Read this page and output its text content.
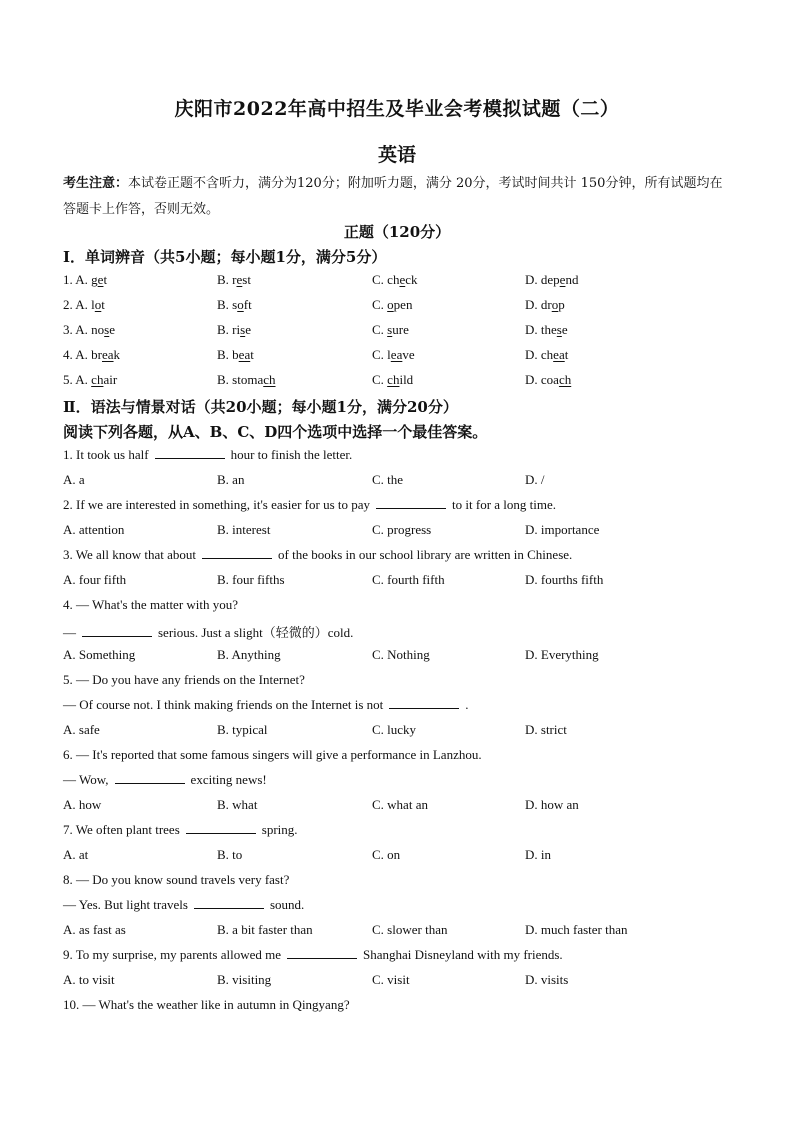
庆阳市2022年高中招生及毕业会考模拟试题（二）
英语
考生注意：本试卷正题不含听力，满分为120分；附加听力题，满分 20分，考试时间共计 150分钟，所有试题均在答题卡上作答，否则无效。
正题（120分）
Ⅰ．单词辨音（共5小题；每小题1分，满分5分）
1. A. get	B. rest	C. check	D. depend
2. A. lot	B. soft	C. open	D. drop
3. A. nose	B. rise	C. sure	D. these
4. A. break	B. beat	C. leave	D. cheat
5. A. chair	B. stomach	C. child	D. coach
Ⅱ．语法与情景对话（共20小题；每小题1分，满分20分）
阅读下列各题，从A、B、C、D四个选项中选择一个最佳答案。
1. It took us half	hour to finish the letter.
A. a	B. an	C. the	D. /
2. If we are interested in something, it's easier for us to pay	to it for a long time.
A. attention	B. interest	C. progress	D. importance
3. We all know that about	of the books in our school library are written in Chinese.
A. four fifth	B. four fifths	C. fourth fifth	D. fourths fifth
4. — What's the matter with you?
—	serious. Just a slight（轻微的）cold.
A. Something	B. Anything	C. Nothing	D. Everything
5. — Do you have any friends on the Internet?
— Of course not. I think making friends on the Internet is not	.
A. safe	B. typical	C. lucky	D. strict
6. — It's reported that some famous singers will give a performance in Lanzhou.
— Wow,	exciting news!
A. how	B. what	C. what an	D. how an
7. We often plant trees	spring.
A. at	B. to	C. on	D. in
8. — Do you know sound travels very fast?
— Yes. But light travels	sound.
A. as fast as	B. a bit faster than	C. slower than	D. much faster than
9. To my surprise, my parents allowed me	Shanghai Disneyland with my friends.
A. to visit	B. visiting	C. visit	D. visits
10. — What's the weather like in autumn in Qingyang?
